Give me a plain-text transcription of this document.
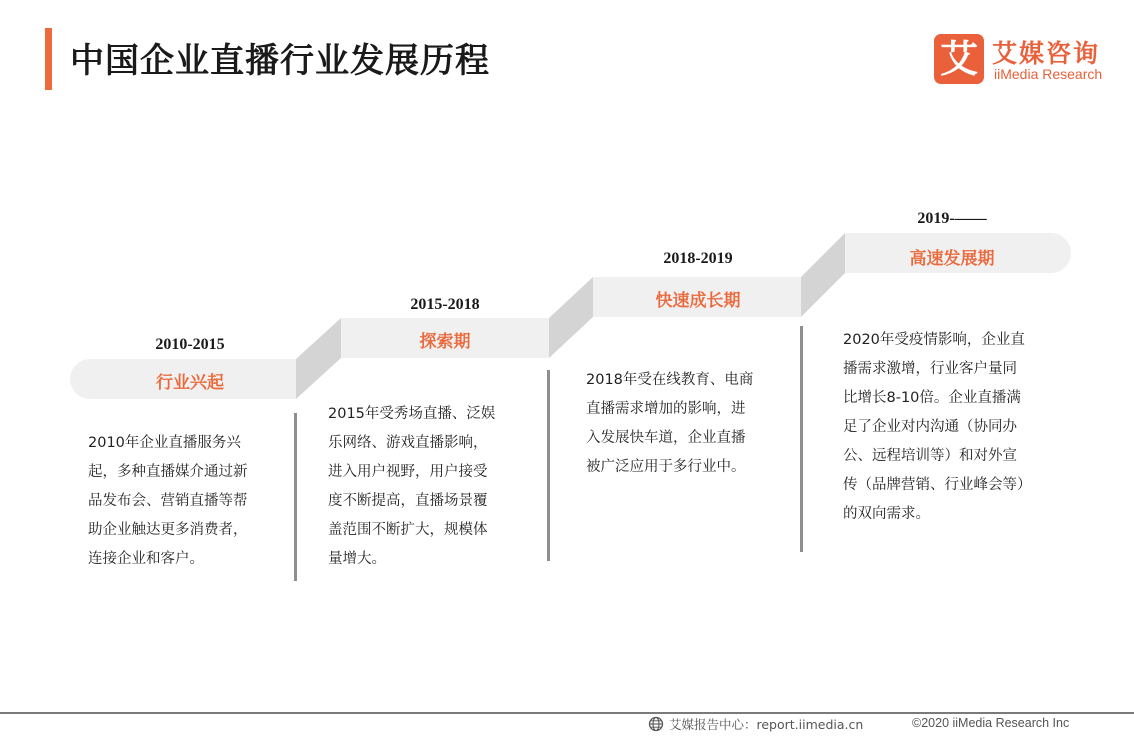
中国企业直播行业发展历程	艾 艾媒咨询
iiMedia Research
2010-2015
行业兴起
2010年企业直播服务兴
起，多种直播媒介通过新
品发布会、营销直播等帮
助企业触达更多消费者，
连接企业和客户。
2015-2018
探索期
2015年受秀场直播、泛娱
乐网络、游戏直播影响，
进入用户视野，用户接受
度不断提高，直播场景覆
盖范围不断扩大，规模体
量增大。
2018-2019
快速成长期
2018年受在线教育、电商
直播需求增加的影响，进
入发展快车道，企业直播
被广泛应用于多行业中。
2019-——
高速发展期
2020年受疫情影响，企业直
播需求激增，行业客户量同
比增长8-10倍。企业直播满
足了企业对内沟通（协同办
公、远程培训等）和对外宣
传（品牌营销、行业峰会等）
的双向需求。
艾媒报告中心：report.iimedia.cn	©2020 iiMedia Research Inc
